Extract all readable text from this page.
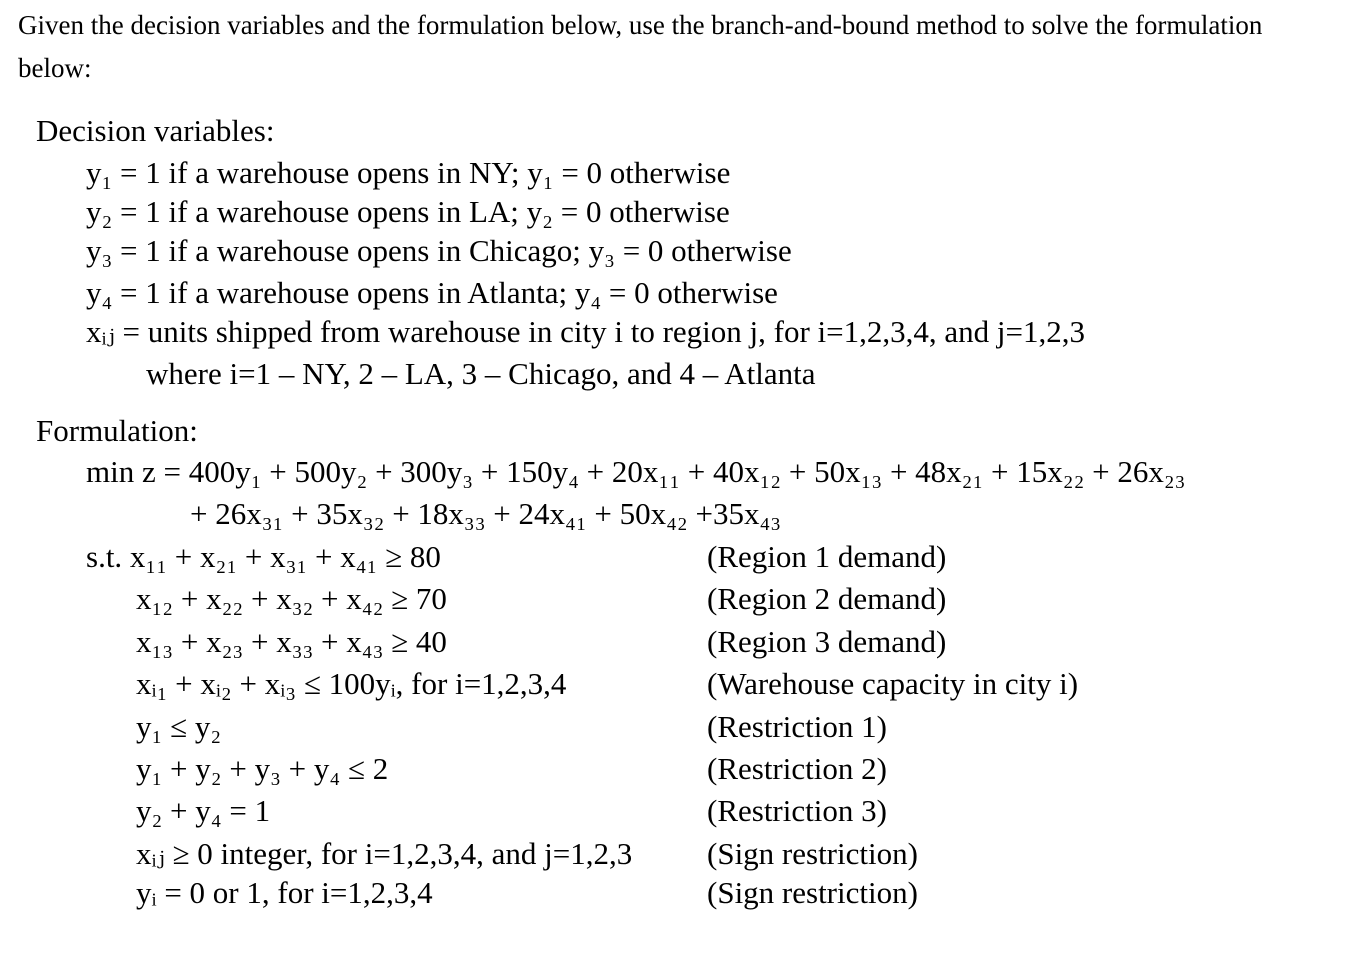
Given the decision variables and the formulation below, use the branch-and-bound method to solve the formulation below:
Decision variables:
y₁ = 1 if a warehouse opens in NY; y₁ = 0 otherwise
y₂ = 1 if a warehouse opens in LA; y₂ = 0 otherwise
y₃ = 1 if a warehouse opens in Chicago; y₃ = 0 otherwise
y₄ = 1 if a warehouse opens in Atlanta; y₄ = 0 otherwise
xᵢⱼ = units shipped from warehouse in city i to region j, for i=1,2,3,4, and j=1,2,3
where i=1 – NY, 2 – LA, 3 – Chicago, and 4 – Atlanta
Formulation:
min z = 400y₁ + 500y₂ + 300y₃ + 150y₄ + 20x₁₁ + 40x₁₂ + 50x₁₃ + 48x₂₁ + 15x₂₂ + 26x₂₃
+ 26x₃₁ + 35x₃₂ + 18x₃₃ + 24x₄₁ + 50x₄₂ +35x₄₃
s.t. x₁₁ + x₂₁ + x₃₁ + x₄₁ ≥ 80	(Region 1 demand)
x₁₂ + x₂₂ + x₃₂ + x₄₂ ≥ 70	(Region 2 demand)
x₁₃ + x₂₃ + x₃₃ + x₄₃ ≥ 40	(Region 3 demand)
xᵢ₁ + xᵢ₂ + xᵢ₃ ≤ 100yᵢ, for i=1,2,3,4	(Warehouse capacity in city i)
y₁ ≤ y₂	(Restriction 1)
y₁ + y₂ + y₃ + y₄ ≤ 2	(Restriction 2)
y₂ + y₄ = 1	(Restriction 3)
xᵢⱼ ≥ 0 integer, for i=1,2,3,4, and j=1,2,3 (Sign restriction)
yᵢ = 0 or 1, for i=1,2,3,4	(Sign restriction)
